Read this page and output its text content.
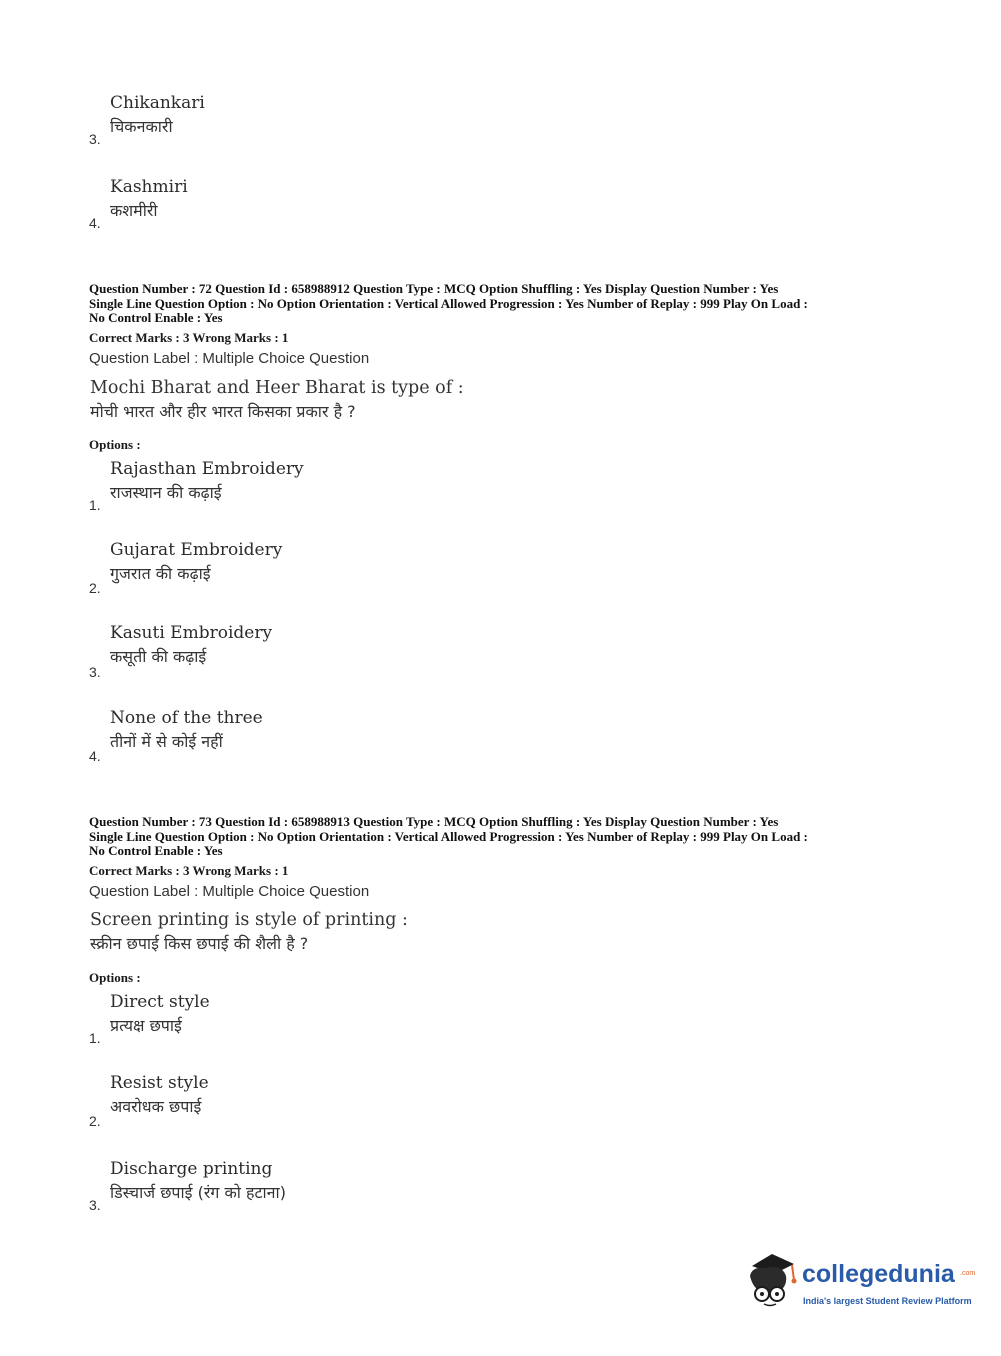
Chikankari
चिकनकारी
3.
Kashmiri
कशमीरी
4.
Question Number : 72 Question Id : 658988912 Question Type : MCQ Option Shuffling : Yes Display Question Number : Yes
Single Line Question Option : No Option Orientation : Vertical Allowed Progression : Yes Number of Replay : 999 Play On Load :
No Control Enable : Yes
Correct Marks : 3 Wrong Marks : 1
Question Label : Multiple Choice Question
Mochi Bharat and Heer Bharat is type of :
मोची भारत और हीर भारत किसका प्रकार है ?
Options :
Rajasthan Embroidery
राजस्थान की कढ़ाई
1.
Gujarat Embroidery
गुजरात की कढ़ाई
2.
Kasuti Embroidery
कसूती की कढ़ाई
3.
None of the three
तीनों में से कोई नहीं
4.
Question Number : 73 Question Id : 658988913 Question Type : MCQ Option Shuffling : Yes Display Question Number : Yes
Single Line Question Option : No Option Orientation : Vertical Allowed Progression : Yes Number of Replay : 999 Play On Load :
No Control Enable : Yes
Correct Marks : 3 Wrong Marks : 1
Question Label : Multiple Choice Question
Screen printing is style of printing :
स्क्रीन छपाई किस छपाई की शैली है ?
Options :
Direct style
प्रत्यक्ष छपाई
1.
Resist style
अवरोधक छपाई
2.
Discharge printing
डिस्चार्ज छपाई (रंग को हटाना)
3.
collegedunia .com
India's largest Student Review Platform
